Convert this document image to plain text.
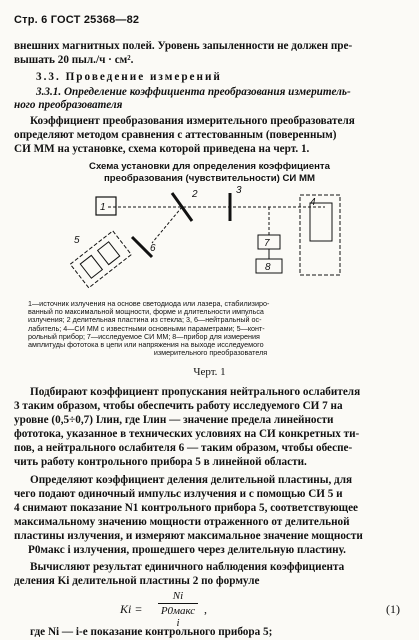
Стр. 6 ГОСТ 25368—82
внешних магнитных полей. Уровень запыленности не должен пре-
вышать 20 пыл./ч · см².
3.3. Проведение измерений
3.3.1. Определение коэффициента преобразования измеритель-
ного преобразователя
Коэффициент преобразования измерительного преобразователя
определяют методом сравнения с аттестованным (поверенным)
СИ ММ на установке, схема которой приведена на черт. 1.
Схема установки для определения коэффициента
преобразования (чувствительности) СИ ММ
1
2	3
4
7
8
6
5
1—источник излучения на основе светодиода или лазера, стабилизиро-
ванный по максимальной мощности, форме и длительности импульса
излучения; 2 делительная пластина из стекла; 3, 6—нейтральный ос-
лабитель; 4—СИ ММ с известными основными параметрами; 5—конт-
рольный прибор; 7—исследуемое СИ ММ; 8—прибор для измерения
амплитуды фототока в цепи или напряжения на выходе исследуемого
измерительного преобразователя
Черт. 1
Подбирают коэффициент пропускания нейтрального ослабителя
3 таким образом, чтобы обеспечить работу исследуемого СИ 7 на
уровне (0,5÷0,7) Iлин, где Iлин — значение предела линейности
фототока, указанное в технических условиях на СИ конкретных ти-
пов, а нейтрального ослабителя 6 — таким образом, чтобы обеспе-
чить работу контрольного прибора 5 в линейной области.
Определяют коэффициент деления делительной пластины, для
чего подают одиночный импульс излучения и с помощью СИ 5 и
4 снимают показание N1 контрольного прибора 5, соответствующее
максимальному значению мощности отраженного от делительной
пластины излучения, и измеряют максимальное значение мощности
P0макс i излучения, прошедшего через делительную пластину.
Вычисляют результат единичного наблюдения коэффициента
деления Ki делительной пластины 2 по формуле
Ki =
Ni
P0макс i
,	(1)
где Ni — i-е показание контрольного прибора 5;
